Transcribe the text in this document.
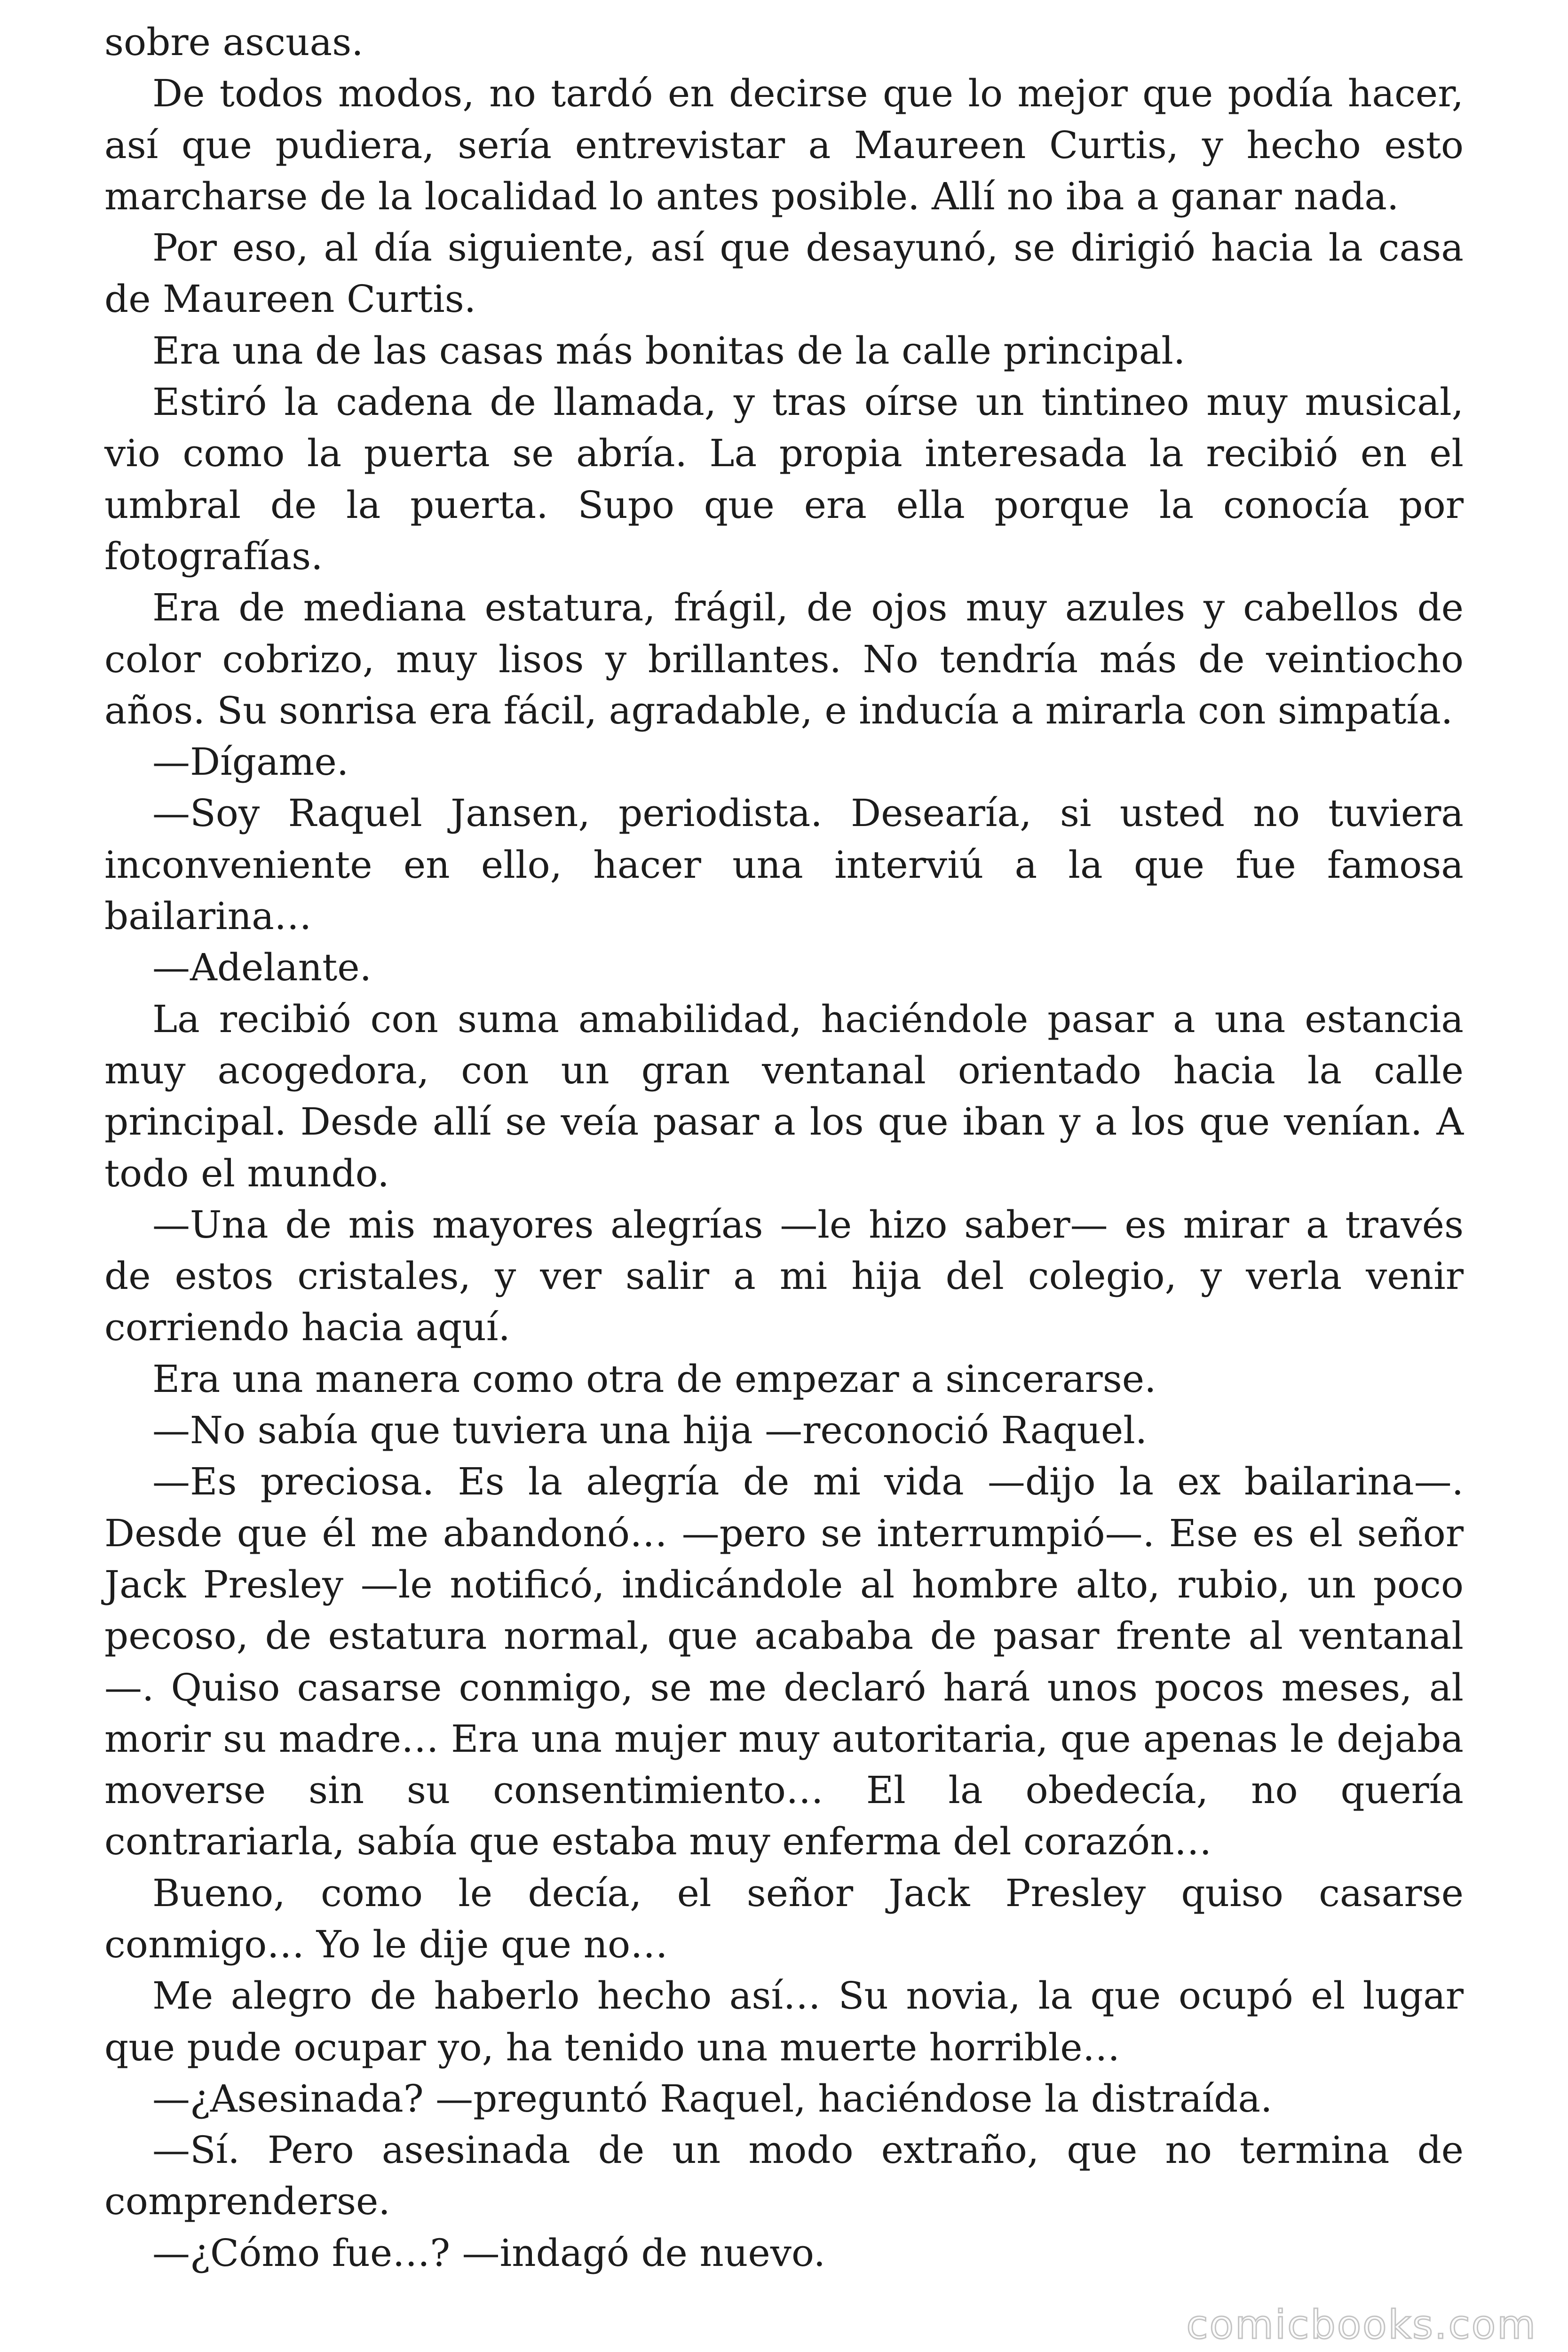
sobre ascuas.

De todos modos, no tardó en decirse que lo mejor que podía hacer, así que pudiera, sería entrevistar a Maureen Curtis, y hecho esto marcharse de la localidad lo antes posible. Allí no iba a ganar nada.

Por eso, al día siguiente, así que desayunó, se dirigió hacia la casa de Maureen Curtis.

Era una de las casas más bonitas de la calle principal.

Estiró la cadena de llamada, y tras oírse un tintineo muy musical, vio como la puerta se abría. La propia interesada la recibió en el umbral de la puerta. Supo que era ella porque la conocía por fotografías.

Era de mediana estatura, frágil, de ojos muy azules y cabellos de color cobrizo, muy lisos y brillantes. No tendría más de veintiocho años. Su sonrisa era fácil, agradable, e inducía a mirarla con simpatía.

—Dígame.

—Soy Raquel Jansen, periodista. Desearía, si usted no tuviera inconveniente en ello, hacer una interviú a la que fue famosa bailarina…

—Adelante.

La recibió con suma amabilidad, haciéndole pasar a una estancia muy acogedora, con un gran ventanal orientado hacia la calle principal. Desde allí se veía pasar a los que iban y a los que venían. A todo el mundo.

—Una de mis mayores alegrías —le hizo saber— es mirar a través de estos cristales, y ver salir a mi hija del colegio, y verla venir corriendo hacia aquí.

Era una manera como otra de empezar a sincerarse.

—No sabía que tuviera una hija —reconoció Raquel.

—Es preciosa. Es la alegría de mi vida —dijo la ex bailarina—. Desde que él me abandonó… —pero se interrumpió—. Ese es el señor Jack Presley —le notificó, indicándole al hombre alto, rubio, un poco pecoso, de estatura normal, que acababa de pasar frente al ventanal—. Quiso casarse conmigo, se me declaró hará unos pocos meses, al morir su madre… Era una mujer muy autoritaria, que apenas le dejaba moverse sin su consentimiento… El la obedecía, no quería contrariarla, sabía que estaba muy enferma del corazón…

Bueno, como le decía, el señor Jack Presley quiso casarse conmigo… Yo le dije que no…

Me alegro de haberlo hecho así… Su novia, la que ocupó el lugar que pude ocupar yo, ha tenido una muerte horrible…

—¿Asesinada? —preguntó Raquel, haciéndose la distraída.

—Sí. Pero asesinada de un modo extraño, que no termina de comprenderse.

—¿Cómo fue…? —indagó de nuevo.

comicbooks.com
